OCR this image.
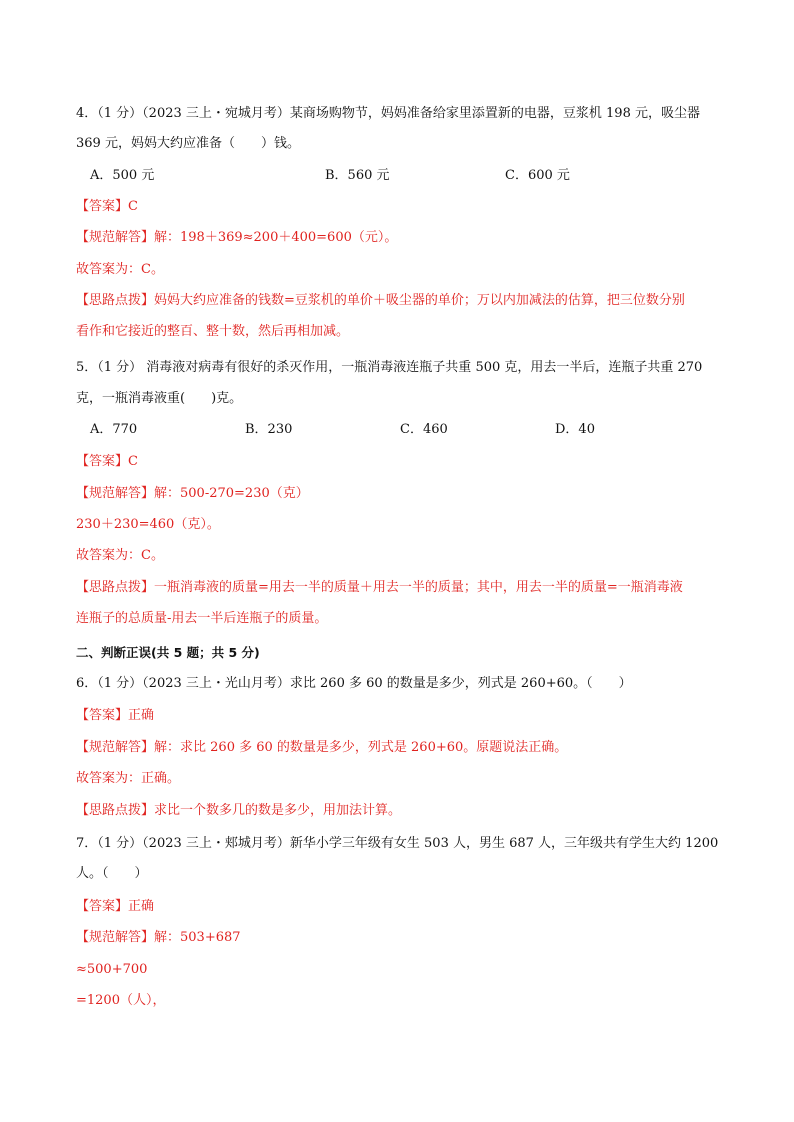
4．（1 分）（2023 三上・宛城月考）某商场购物节，妈妈准备给家里添置新的电器，豆浆机 198 元，吸尘器
369 元，妈妈大约应准备（　　）钱。
A．500 元	B．560 元	C．600 元
【答案】C
【规范解答】解：198＋369≈200＋400=600（元）。
故答案为：C。
【思路点拨】妈妈大约应准备的钱数=豆浆机的单价＋吸尘器的单价；万以内加减法的估算，把三位数分别
看作和它接近的整百、整十数，然后再相加减。
5．（1 分） 消毒液对病毒有很好的杀灭作用，一瓶消毒液连瓶子共重 500 克，用去一半后，连瓶子共重 270
克，一瓶消毒液重(　　)克。
A．770	B．230	C．460	D．40
【答案】C
【规范解答】解：500-270=230（克）
230＋230=460（克）。
故答案为：C。
【思路点拨】一瓶消毒液的质量=用去一半的质量＋用去一半的质量；其中，用去一半的质量=一瓶消毒液
连瓶子的总质量-用去一半后连瓶子的质量。
二、判断正误(共 5 题；共 5 分)
6．（1 分）（2023 三上・光山月考）求比 260 多 60 的数量是多少，列式是 260+60。（　　）
【答案】正确
【规范解答】解：求比 260 多 60 的数量是多少，列式是 260+60。原题说法正确。
故答案为：正确。
【思路点拨】求比一个数多几的数是多少，用加法计算。
7．（1 分）（2023 三上・郏城月考）新华小学三年级有女生 503 人，男生 687 人，三年级共有学生大约 1200
人。（　　）
【答案】正确
【规范解答】解：503+687
≈500+700
=1200（人），
